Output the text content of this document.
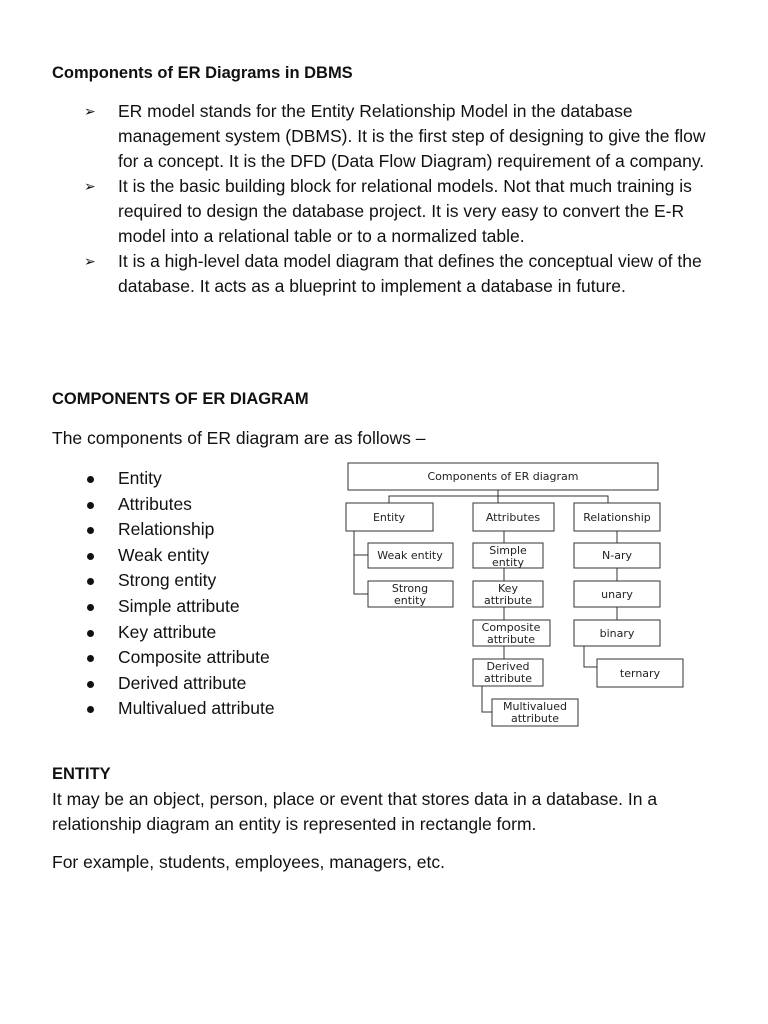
Components of ER Diagrams in DBMS
➢ ER model stands for the Entity Relationship Model in the database management system (DBMS). It is the first step of designing to give the flow for a concept. It is the DFD (Data Flow Diagram) requirement of a company.
➢ It is the basic building block for relational models. Not that much training is required to design the database project. It is very easy to convert the E-R model into a relational table or to a normalized table.
➢ It is a high-level data model diagram that defines the conceptual view of the database. It acts as a blueprint to implement a database in future.
COMPONENTS OF ER DIAGRAM

The components of ER diagram are as follows –

Entity
Attributes
Relationship
Weak entity
Strong entity
Simple attribute
Key attribute
Composite attribute
Derived attribute
Multivalued attribute
Components of ER diagram
Entity	Attributes	Relationship
Weak entity
Strong
entity
Simple
entity
Key
attribute
Composite
attribute
Derived
attribute
Multivalued
attribute
N-ary
unary
binary
ternary
ENTITY

It may be an object, person, place or event that stores data in a database. In a relationship diagram an entity is represented in rectangle form.

For example, students, employees, managers, etc.
